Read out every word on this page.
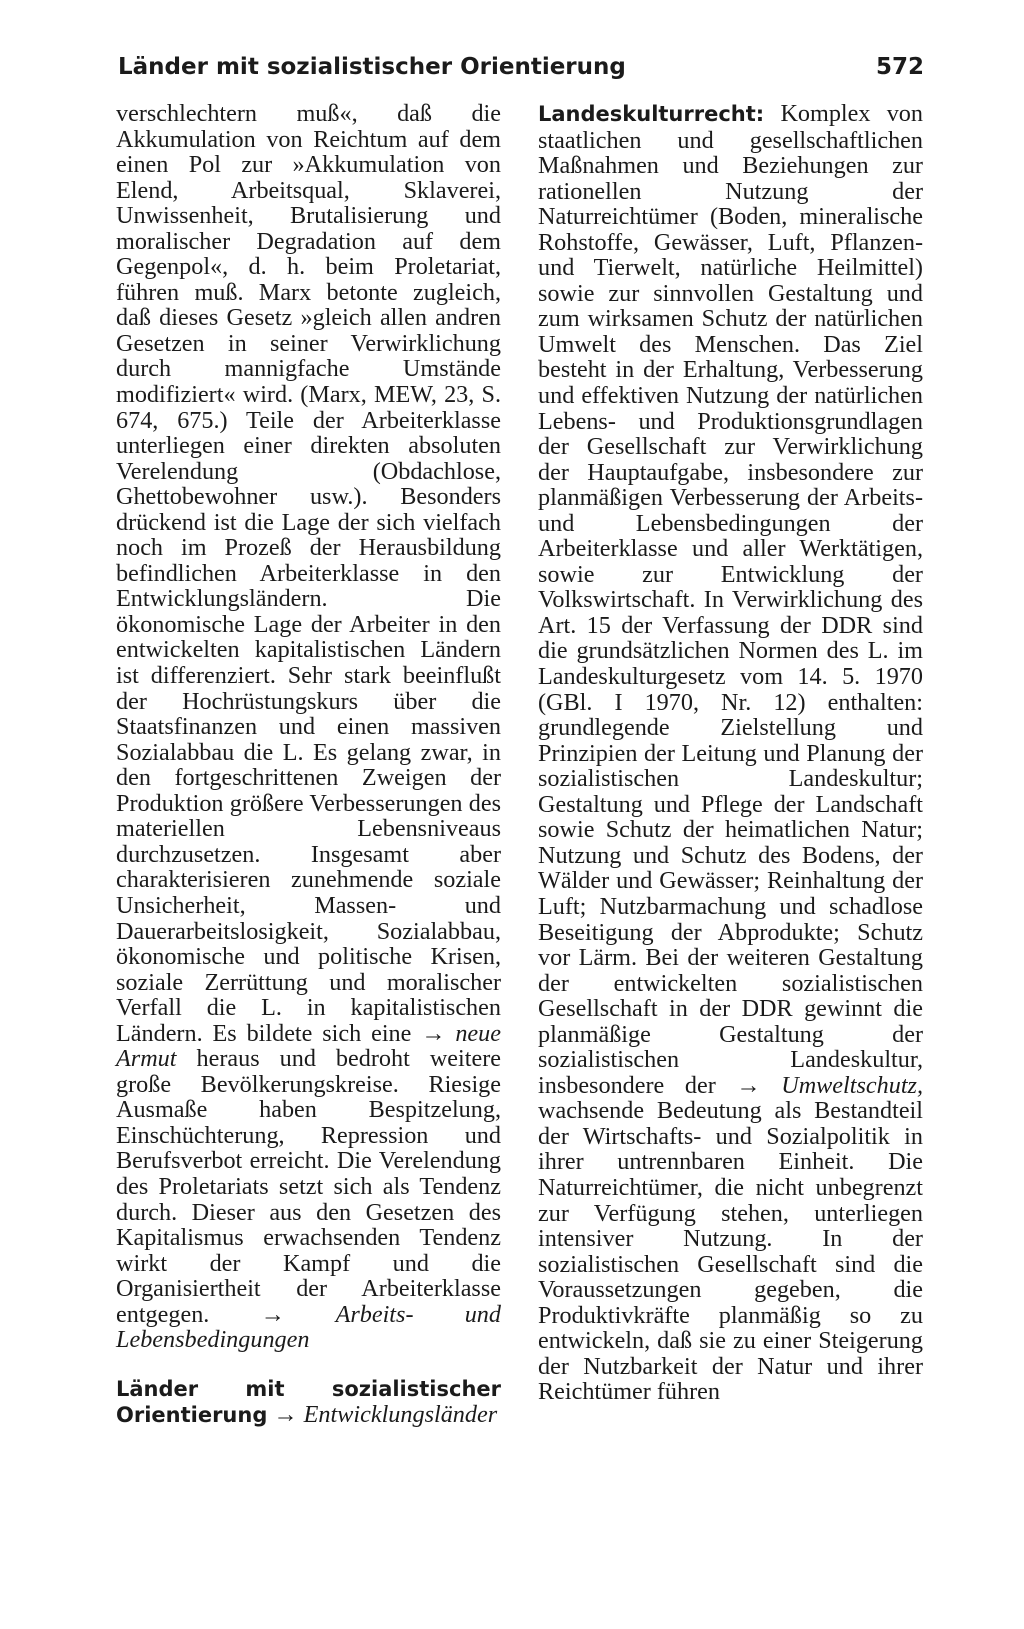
Länder mit sozialistischer Orientierung	572

verschlechtern muß«, daß die Akkumulation von Reichtum auf dem einen Pol zur »Akkumulation von Elend, Arbeitsqual, Sklaverei, Unwissenheit, Brutalisierung und moralischer Degradation auf dem Gegenpol«, d. h. beim Proletariat, führen muß. Marx betonte zugleich, daß dieses Gesetz »gleich allen andren Gesetzen in seiner Verwirklichung durch mannigfache Umstände modifiziert« wird. (Marx, MEW, 23, S. 674, 675.) Teile der Arbeiterklasse unterliegen einer direkten absoluten Verelendung (Obdachlose, Ghettobewohner usw.). Besonders drückend ist die Lage der sich vielfach noch im Prozeß der Herausbildung befindlichen Arbeiterklasse in den Entwicklungsländern. Die ökonomische Lage der Arbeiter in den entwickelten kapitalistischen Ländern ist differenziert. Sehr stark beeinflußt der Hochrüstungskurs über die Staatsfinanzen und einen massiven Sozialabbau die L. Es gelang zwar, in den fortgeschrittenen Zweigen der Produktion größere Verbesserungen des materiellen Lebensniveaus durchzusetzen. Insgesamt aber charakterisieren zunehmende soziale Unsicherheit, Massen- und Dauerarbeitslosigkeit, Sozialabbau, ökonomische und politische Krisen, soziale Zerrüttung und moralischer Verfall die L. in kapitalistischen Ländern. Es bildete sich eine → neue Armut heraus und bedroht weitere große Bevölkerungskreise. Riesige Ausmaße haben Bespitzelung, Einschüchterung, Repression und Berufsverbot erreicht. Die Verelendung des Proletariats setzt sich als Tendenz durch. Dieser aus den Gesetzen des Kapitalismus erwachsenden Tendenz wirkt der Kampf und die Organisiertheit der Arbeiterklasse entgegen. → Arbeits- und Lebensbedingungen

Länder mit sozialistischer
Orientierung → Entwicklungsländer

Landeskulturrecht: Komplex von staatlichen und gesellschaftlichen Maßnahmen und Beziehungen zur rationellen Nutzung der Naturreichtümer (Boden, mineralische Rohstoffe, Gewässer, Luft, Pflanzen- und Tierwelt, natürliche Heilmittel) sowie zur sinnvollen Gestaltung und zum wirksamen Schutz der natürlichen Umwelt des Menschen. Das Ziel besteht in der Erhaltung, Verbesserung und effektiven Nutzung der natürlichen Lebens- und Produktionsgrundlagen der Gesellschaft zur Verwirklichung der Hauptaufgabe, insbesondere zur planmäßigen Verbesserung der Arbeits- und Lebensbedingungen der Arbeiterklasse und aller Werktätigen, sowie zur Entwicklung der Volkswirtschaft. In Verwirklichung des Art. 15 der Verfassung der DDR sind die grundsätzlichen Normen des L. im Landeskulturgesetz vom 14. 5. 1970 (GBl. I 1970, Nr. 12) enthalten: grundlegende Zielstellung und Prinzipien der Leitung und Planung der sozialistischen Landeskultur; Gestaltung und Pflege der Landschaft sowie Schutz der heimatlichen Natur; Nutzung und Schutz des Bodens, der Wälder und Gewässer; Reinhaltung der Luft; Nutzbarmachung und schadlose Beseitigung der Abprodukte; Schutz vor Lärm. Bei der weiteren Gestaltung der entwickelten sozialistischen Gesellschaft in der DDR gewinnt die planmäßige Gestaltung der sozialistischen Landeskultur, insbesondere der → Umweltschutz, wachsende Bedeutung als Bestandteil der Wirtschafts- und Sozialpolitik in ihrer untrennbaren Einheit. Die Naturreichtümer, die nicht unbegrenzt zur Verfügung stehen, unterliegen intensiver Nutzung. In der sozialistischen Gesellschaft sind die Voraussetzungen gegeben, die Produktivkräfte planmäßig so zu entwickeln, daß sie zu einer Steigerung der Nutzbarkeit der Natur und ihrer Reichtümer führen
